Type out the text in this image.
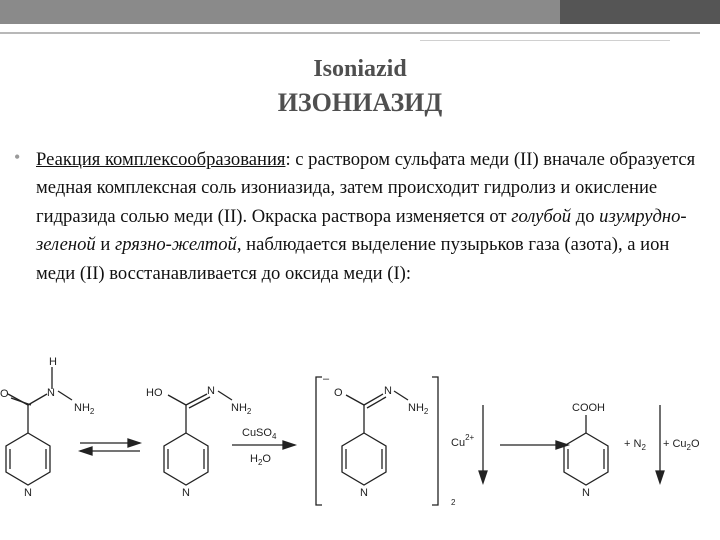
Isoniazid
ИЗОНИАЗИД
• Реакция комплексообразования: с раствором сульфата меди (II) вначале образуется медная комплексная соль изониазида, затем происходит гидролиз и окисление гидразида солью меди (II). Окраска раствора изменяется от голубой до изумрудно-зеленой и грязно-желтой, наблюдается выделение пузырьков газа (азота), а ион меди (II) восстанавливается до оксида меди (I):
H
N
O
$NH_2$
N
HO	N
$NH_2$
N
CuSO$_4$
$H_2O$
–
O	N
$NH_2$
N
2
$Cu^{2+}$
COOH
N
+ $N_2 + Cu_2O$
